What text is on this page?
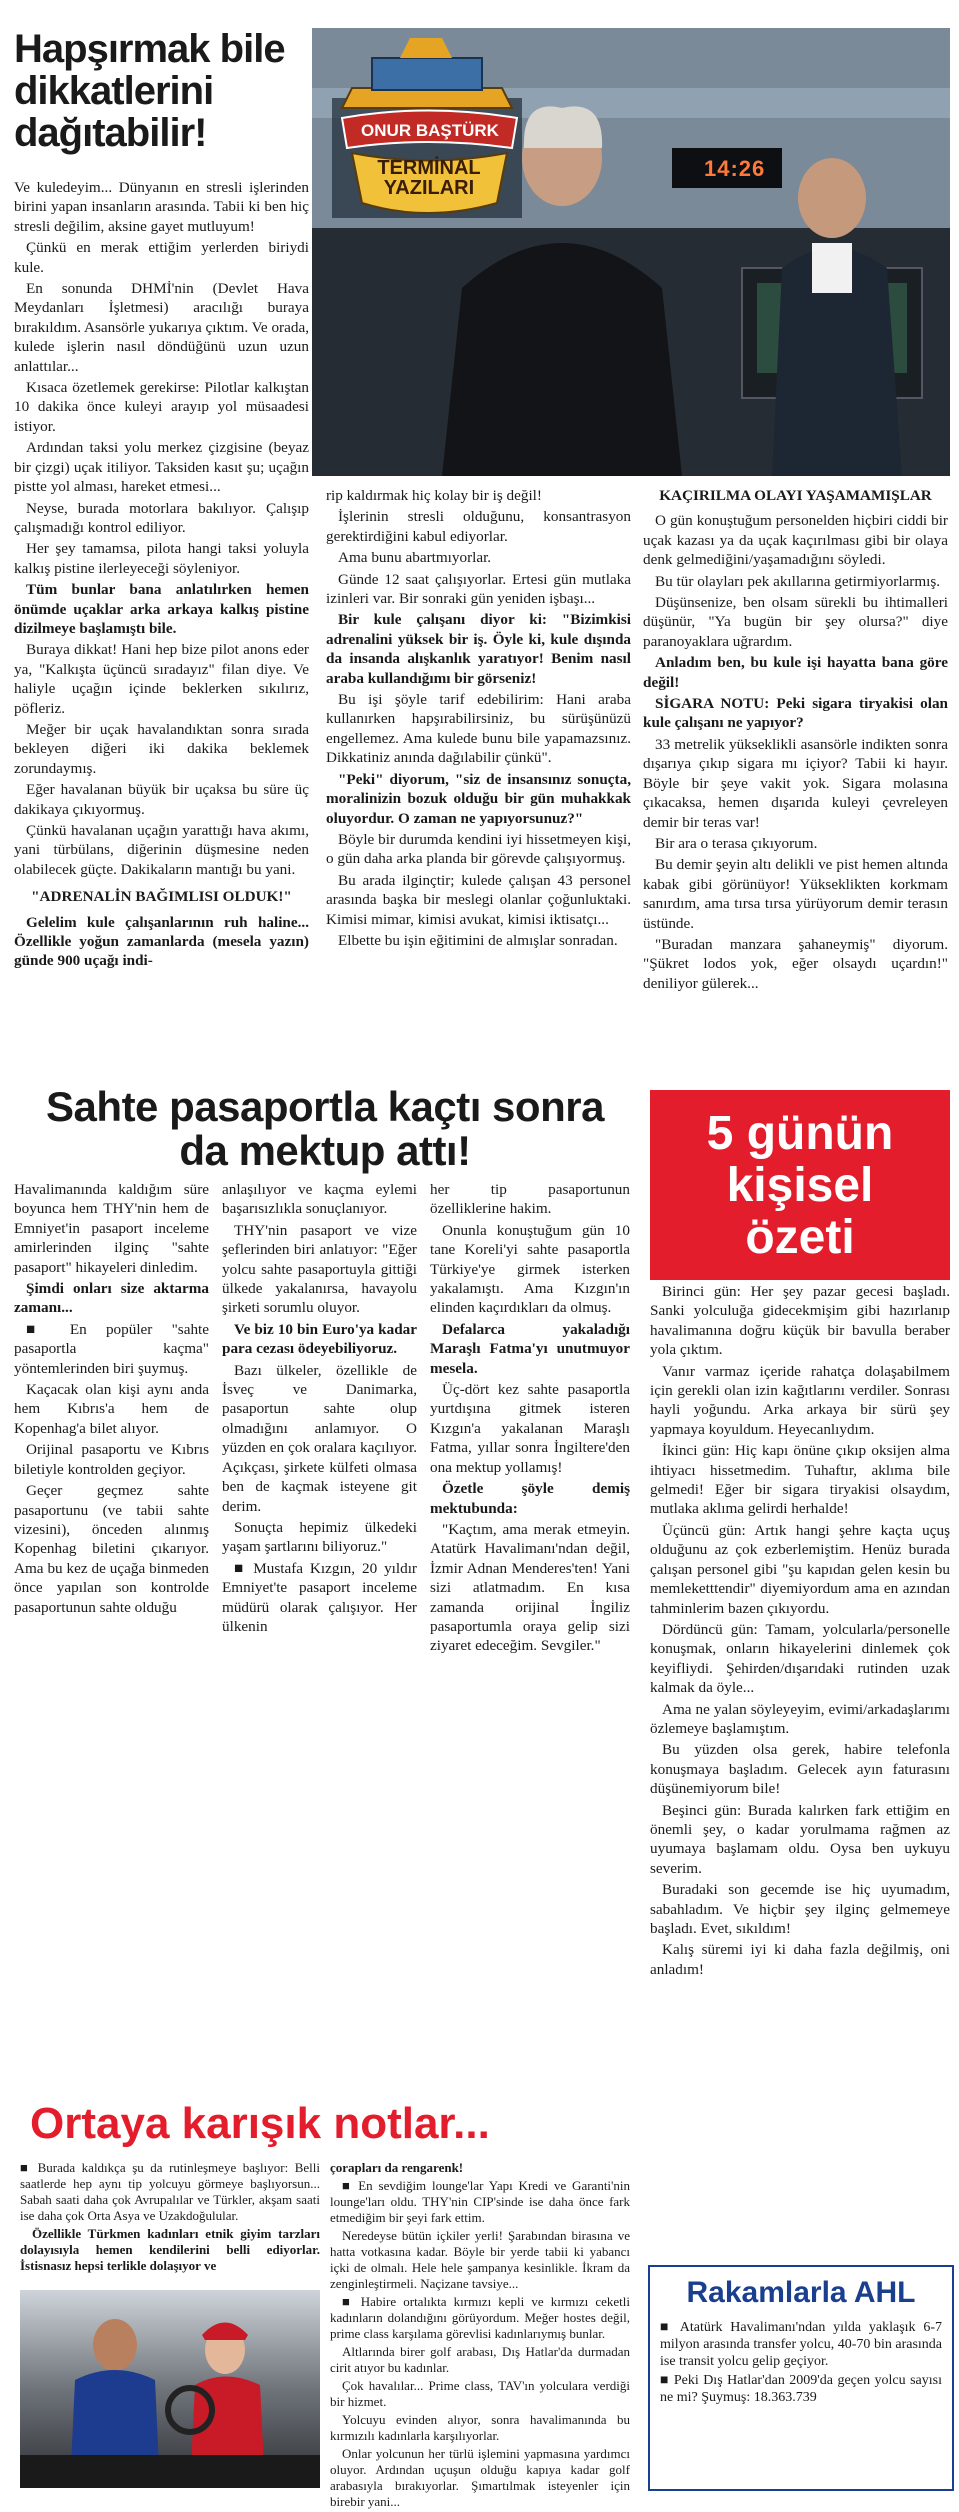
Hapşırmak bile dikkatlerini dağıtabilir!
14:26
ONUR BAŞTÜRK
TERMİNAL YAZILARI

Ve kuledeyim... Dünyanın en stresli işlerinden birini yapan insanların arasında. Tabii ki ben hiç stresli değilim, aksine gayet mutluyum!

Çünkü en merak ettiğim yerlerden biriydi kule.

En sonunda DHMİ'nin (Devlet Hava Meydanları İşletmesi) aracılığı buraya bırakıldım. Asansörle yukarıya çıktım. Ve orada, kulede işlerin nasıl döndüğünü uzun uzun anlattılar...

Kısaca özetlemek gerekirse: Pilotlar kalkıştan 10 dakika önce kuleyi arayıp yol müsaadesi istiyor.

Ardından taksi yolu merkez çizgisine (beyaz bir çizgi) uçak itiliyor. Taksiden kasıt şu; uçağın pistte yol alması, hareket etmesi...

Neyse, burada motorlara bakılıyor. Çalışıp çalışmadığı kontrol ediliyor.

Her şey tamamsa, pilota hangi taksi yoluyla kalkış pistine ilerleyeceği söyleniyor.

Tüm bunlar bana anlatılırken hemen önümde uçaklar arka arkaya kalkış pistine dizilmeye başlamıştı bile.

Buraya dikkat! Hani hep bize pilot anons eder ya, "Kalkışta üçüncü sıradayız" filan diye. Ve haliyle uçağın içinde beklerken sıkılırız, pöfleriz.

Meğer bir uçak havalandıktan sonra sırada bekleyen diğeri iki dakika beklemek zorundaymış.

Eğer havalanan büyük bir uçaksa bu süre üç dakikaya çıkıyormuş.

Çünkü havalanan uçağın yarattığı hava akımı, yani türbülans, diğerinin düşmesine neden olabilecek güçte. Dakikaların mantığı bu yani.

"ADRENALİN BAĞIMLISI OLDUK!"

Gelelim kule çalışanlarının ruh haline... Özellikle yoğun zamanlarda (mesela yazın) günde 900 uçağı indi-

rip kaldırmak hiç kolay bir iş değil!

İşlerinin stresli olduğunu, konsantrasyon gerektirdiğini kabul ediyorlar.

Ama bunu abartmıyorlar.

Günde 12 saat çalışıyorlar. Ertesi gün mutlaka izinleri var. Bir sonraki gün yeniden işbaşı...

Bir kule çalışanı diyor ki: "Bizimkisi adrenalini yüksek bir iş. Öyle ki, kule dışında da insanda alışkanlık yaratıyor! Benim nasıl araba kullandığımı bir görseniz!

Bu işi şöyle tarif edebilirim: Hani araba kullanırken hapşırabilirsiniz, bu sürüşünüzü engellemez. Ama kulede bunu bile yapamazsınız. Dikkatiniz anında dağılabilir çünkü".

"Peki" diyorum, "siz de insansınız sonuçta, moralinizin bozuk olduğu bir gün muhakkak oluyordur. O zaman ne yapıyorsunuz?"

Böyle bir durumda kendini iyi hissetmeyen kişi, o gün daha arka planda bir görevde çalışıyormuş.

Bu arada ilginçtir; kulede çalışan 43 personel arasında başka bir meslegi olanlar çoğunluktaki. Kimisi mimar, kimisi avukat, kimisi iktisatçı...

Elbette bu işin eğitimini de almışlar sonradan.

KAÇIRILMA OLAYI YAŞAMAMIŞLAR

O gün konuştuğum personelden hiçbiri ciddi bir uçak kazası ya da uçak kaçırılması gibi bir olaya denk gelmediğini/yaşamadığını söyledi.

Bu tür olayları pek akıllarına getirmiyorlarmış.

Düşünsenize, ben olsam sürekli bu ihtimalleri düşünür, "Ya bugün bir şey olursa?" diye paranoyaklara uğrardım.

Anladım ben, bu kule işi hayatta bana göre değil!

SİGARA NOTU: Peki sigara tiryakisi olan kule çalışanı ne yapıyor?

33 metrelik yükseklikli asansörle indikten sonra dışarıya çıkıp sigara mı içiyor? Tabii ki hayır. Böyle bir şeye vakit yok. Sigara molasına çıkacaksa, hemen dışarıda kuleyi çevreleyen demir bir teras var!

Bir ara o terasa çıkıyorum.

Bu demir şeyin altı delikli ve pist hemen altında kabak gibi görünüyor! Yükseklikten korkmam sanırdım, ama tırsa tırsa yürüyorum demir terasın üstünde.

"Buradan manzara şahaneymiş" diyorum. "Şükret lodos yok, eğer olsaydı uçardın!" deniliyor gülerek...

Sahte pasaportla kaçtı sonra da mektup attı!

Havalimanında kaldığım süre boyunca hem THY'nin hem de Emniyet'in pasaport inceleme amirlerinden ilginç "sahte pasaport" hikayeleri dinledim.

Şimdi onları size aktarma zamanı...

■ En popüler "sahte pasaportla kaçma" yöntemlerinden biri şuymuş.

Kaçacak olan kişi aynı anda hem Kıbrıs'a hem de Kopenhag'a bilet alıyor.

Orijinal pasaportu ve Kıbrıs biletiyle kontrolden geçiyor.

Geçer geçmez sahte pasaportunu (ve tabii sahte vizesini), önceden alınmış Kopenhag biletini çıkarıyor. Ama bu kez de uçağa binmeden önce yapılan son kontrolde pasaportunun sahte olduğu

anlaşılıyor ve kaçma eylemi başarısızlıkla sonuçlanıyor.

THY'nin pasaport ve vize şeflerinden biri anlatıyor: "Eğer yolcu sahte pasaportuyla gittiği ülkede yakalanırsa, havayolu şirketi sorumlu oluyor.

Ve biz 10 bin Euro'ya kadar para cezası ödeyebiliyoruz.

Bazı ülkeler, özellikle de İsveç ve Danimarka, pasaportun sahte olup olmadığını anlamıyor. O yüzden en çok oralara kaçılıyor. Açıkçası, şirkete külfeti olmasa ben de kaçmak isteyene git derim.

Sonuçta hepimiz ülkedeki yaşam şartlarını biliyoruz."

■ Mustafa Kızgın, 20 yıldır Emniyet'te pasaport inceleme müdürü olarak çalışıyor. Her ülkenin

her tip pasaportunun özelliklerine hakim.

Onunla konuştuğum gün 10 tane Koreli'yi sahte pasaportla Türkiye'ye girmek isterken yakalamıştı. Ama Kızgın'ın elinden kaçırdıkları da olmuş.

Defalarca yakaladığı Maraşlı Fatma'yı unutmuyor mesela.

Üç-dört kez sahte pasaportla yurtdışına gitmek isteren Kızgın'a yakalanan Maraşlı Fatma, yıllar sonra İngiltere'den ona mektup yollamış!

Özetle şöyle demiş mektubunda:

"Kaçtım, ama merak etmeyin. Atatürk Havalimanı'ndan değil, İzmir Adnan Menderes'ten! Yani sizi atlatmadım. En kısa zamanda orijinal İngiliz pasaportumla oraya gelip sizi ziyaret edeceğim. Sevgiler."

5 günün kişisel özeti

Birinci gün: Her şey pazar gecesi başladı. Sanki yolculuğa gidecekmişim gibi hazırlanıp havalimanına doğru küçük bir bavulla beraber yola çıktım.

Vanır varmaz içeride rahatça dolaşabilmem için gerekli olan izin kağıtlarını verdiler. Sonrası hayli yoğundu. Arka arkaya bir sürü şey yapmaya koyuldum. Heyecanlıydım.

İkinci gün: Hiç kapı önüne çıkıp oksijen alma ihtiyacı hissetmedim. Tuhaftır, aklıma bile gelmedi! Eğer bir sigara tiryakisi olsaydım, mutlaka aklıma gelirdi herhalde!

Üçüncü gün: Artık hangi şehre kaçta uçuş olduğunu az çok ezberlemiştim. Henüz burada çalışan personel gibi "şu kapıdan gelen kesin bu memleketttendir" diyemiyordum ama en azından tahminlerim bazen çıkıyordu.

Dördüncü gün: Tamam, yolcularla/personelle konuşmak, onların hikayelerini dinlemek çok keyifliydi. Şehirden/dışarıdaki rutinden uzak kalmak da öyle...

Ama ne yalan söyleyeyim, evimi/arkadaşlarımı özlemeye başlamıştım.

Bu yüzden olsa gerek, habire telefonla konuşmaya başladım. Gelecek ayın faturasını düşünemiyorum bile!

Beşinci gün: Burada kalırken fark ettiğim en önemli şey, o kadar yorulmama rağmen az uyumaya başlamam oldu. Oysa ben uykuyu severim.

Buradaki son gecemde ise hiç uyumadım, sabahladım. Ve hiçbir şey ilginç gelmemeye başladı. Evet, sıkıldım!

Kalış süremi iyi ki daha fazla değilmiş, oni anladım!

Ortaya karışık notlar...

■ Burada kaldıkça şu da rutinleşmeye başlıyor: Belli saatlerde hep aynı tip yolcuyu görmeye başlıyorsun... Sabah saati daha çok Avrupalılar ve Türkler, akşam saati ise daha çok Orta Asya ve Uzakdoğulular.

Özellikle Türkmen kadınları etnik giyim tarzları dolayısıyla hemen kendilerini belli ediyorlar. İstisnasız hepsi terlikle dolaşıyor ve

çorapları da rengarenk!

■ En sevdiğim lounge'lar Yapı Kredi ve Garanti'nin lounge'ları oldu. THY'nin CIP'sinde ise daha önce fark etmediğim bir şeyi fark ettim.

Neredeyse bütün içkiler yerli! Şarabından birasına ve hatta votkasına kadar. Böyle bir yerde tabii ki yabancı içki de olmalı. Hele hele şampanya kesinlikle. İkram da zenginleştirmeli. Naçizane tavsiye...

■ Habire ortalıkta kırmızı kepli ve kırmızı ceketli kadınların dolandığını görüyordum. Meğer hostes değil, prime class karşılama görevlisi kadınlarıymış bunlar.

Altlarında birer golf arabası, Dış Hatlar'da durmadan cirit atıyor bu kadınlar.

Çok havalılar... Prime class, TAV'ın yolculara verdiği bir hizmet.

Yolcuyu evinden alıyor, sonra havalimanında bu kırmızılı kadınlarla karşılıyorlar.

Onlar yolcunun her türlü işlemini yapmasına yardımcı oluyor. Ardından uçuşun olduğu kapıya kadar golf arabasıyla bırakıyorlar. Şımartılmak isteyenler için birebir yani...

Rakamlarla AHL

■ Atatürk Havalimanı'ndan yılda yaklaşık 6-7 milyon arasında transfer yolcu, 40-70 bin arasında ise transit yolcu gelip geçiyor.

■ Peki Dış Hatlar'dan 2009'da geçen yolcu sayısı ne mi? Şuymuş: 18.363.739
